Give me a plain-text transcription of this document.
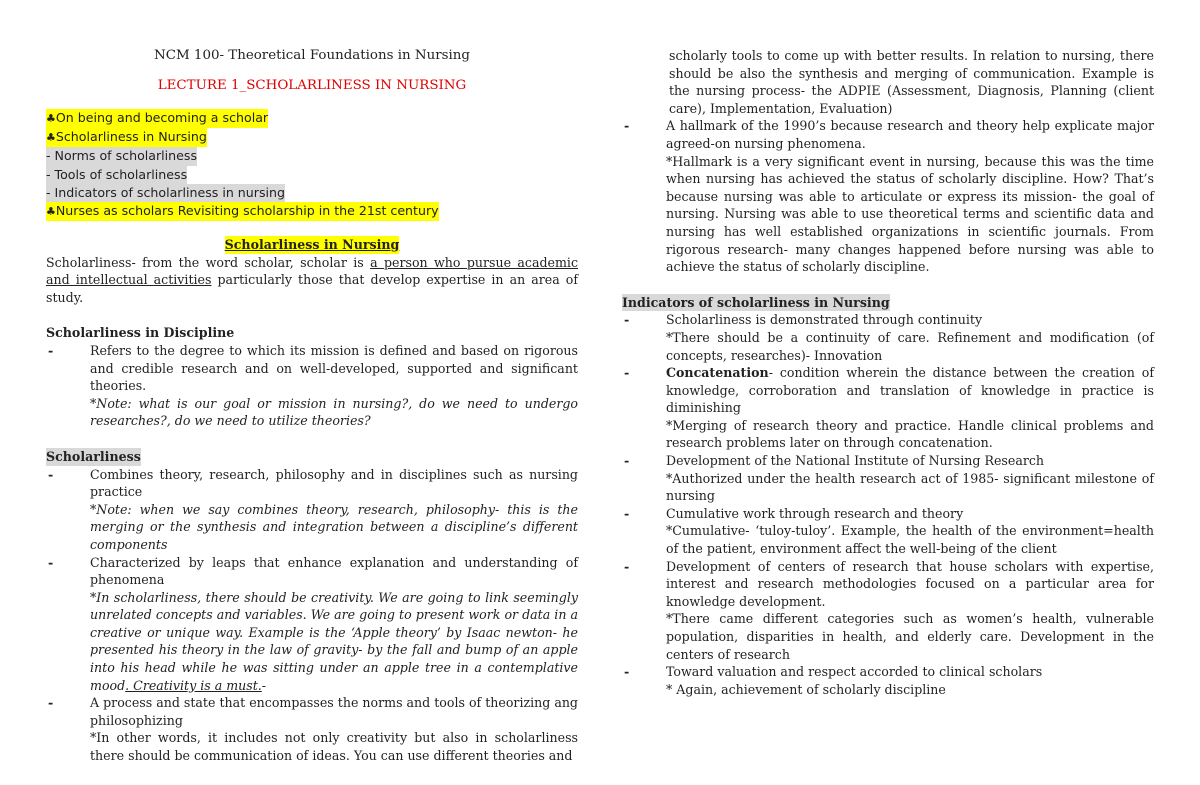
NCM 100- Theoretical Foundations in Nursing
LECTURE 1_SCHOLARLINESS IN NURSING
♣On being and becoming a scholar
♣Scholarliness in Nursing
- Norms of scholarliness
- Tools of scholarliness
- Indicators of scholarliness in nursing
♣Nurses as scholars Revisiting scholarship in the 21st century
Scholarliness in Nursing
Scholarliness- from the word scholar, scholar is a person who pursue academic and intellectual activities particularly those that develop expertise in an area of study.
Scholarliness in Discipline
-	Refers to the degree to which its mission is defined and based on rigorous and credible research and on well-developed, supported and significant theories.
*Note: what is our goal or mission in nursing?, do we need to undergo researches?, do we need to utilize theories?
Scholarliness
-	Combines theory, research, philosophy and in disciplines such as nursing practice
*Note: when we say combines theory, research, philosophy- this is the merging or the synthesis and integration between a discipline’s different components
-	Characterized by leaps that enhance explanation and understanding of phenomena
*In scholarliness, there should be creativity. We are going to link seemingly unrelated concepts and variables. We are going to present work or data in a creative or unique way. Example is the ‘Apple theory’ by Isaac newton- he presented his theory in the law of gravity- by the fall and bump of an apple into his head while he was sitting under an apple tree in a contemplative mood. Creativity is a must.-
-	A process and state that encompasses the norms and tools of theorizing ang philosophizing
*In other words, it includes not only creativity but also in scholarliness there should be communication of ideas. You can use different theories and
scholarly tools to come up with better results. In relation to nursing, there should be also the synthesis and merging of communication. Example is the nursing process- the ADPIE (Assessment, Diagnosis, Planning (client care), Implementation, Evaluation)
-	A hallmark of the 1990’s because research and theory help explicate major agreed-on nursing phenomena.
*Hallmark is a very significant event in nursing, because this was the time when nursing has achieved the status of scholarly discipline. How? That’s because nursing was able to articulate or express its mission- the goal of nursing. Nursing was able to use theoretical terms and scientific data and nursing has well established organizations in scientific journals. From rigorous research- many changes happened before nursing was able to achieve the status of scholarly discipline.
Indicators of scholarliness in Nursing
-	Scholarliness is demonstrated through continuity
*There should be a continuity of care. Refinement and modification (of concepts, researches)- Innovation
-	Concatenation- condition wherein the distance between the creation of knowledge, corroboration and translation of knowledge in practice is diminishing
*Merging of research theory and practice. Handle clinical problems and research problems later on through concatenation.
-	Development of the National Institute of Nursing Research
*Authorized under the health research act of 1985- significant milestone of nursing
-	Cumulative work through research and theory
*Cumulative- ‘tuloy-tuloy’. Example, the health of the environment=health of the patient, environment affect the well-being of the client
-	Development of centers of research that house scholars with expertise, interest and research methodologies focused on a particular area for knowledge development.
*There came different categories such as women’s health, vulnerable population, disparities in health, and elderly care. Development in the centers of research
-	Toward valuation and respect accorded to clinical scholars
* Again, achievement of scholarly discipline
